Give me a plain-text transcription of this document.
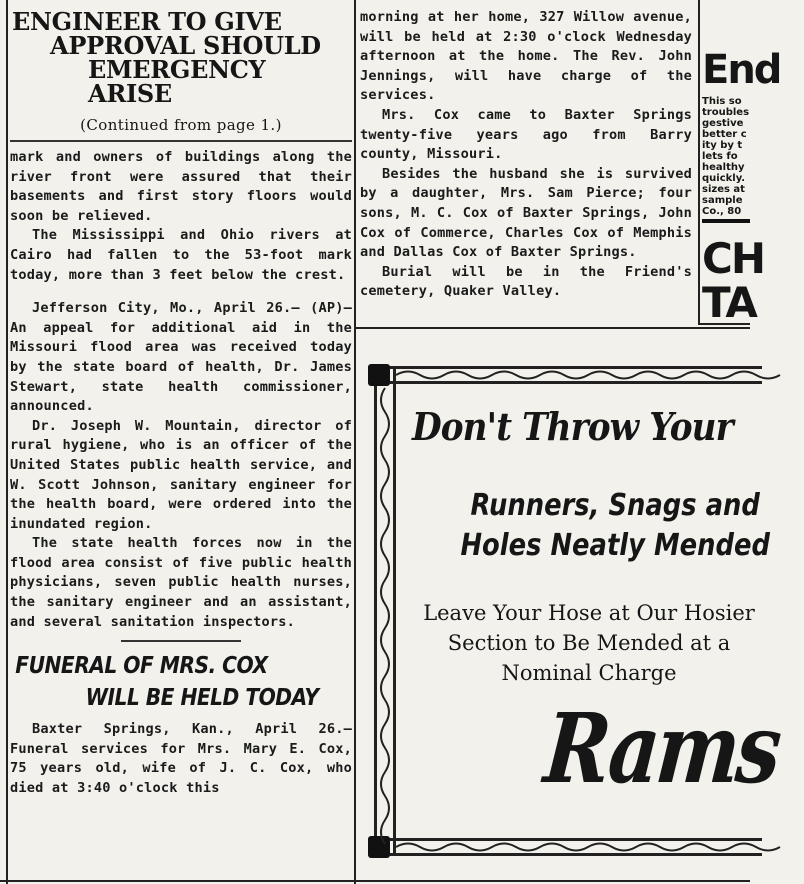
ENGINEER TO GIVE
APPROVAL SHOULD
EMERGENCY ARISE
(Continued from page 1.)

mark and owners of buildings along the river front were assured that their basements and first story floors would soon be relieved.

The Mississippi and Ohio rivers at Cairo had fallen to the 53-foot mark today, more than 3 feet below the crest.

Jefferson City, Mo., April 26.— (AP)—An appeal for additional aid in the Missouri flood area was received today by the state board of health, Dr. James Stewart, state health commissioner, announced.

Dr. Joseph W. Mountain, director of rural hygiene, who is an officer of the United States public health service, and W. Scott Johnson, sanitary engineer for the health board, were ordered into the inundated region.

The state health forces now in the flood area consist of five public health physicians, seven public health nurses, the sanitary engineer and an assistant, and several sanitation inspectors.

FUNERAL OF MRS. COX
WILL BE HELD TODAY

Baxter Springs, Kan., April 26.— Funeral services for Mrs. Mary E. Cox, 75 years old, wife of J. C. Cox, who died at 3:40 o'clock this

morning at her home, 327 Willow avenue, will be held at 2:30 o'clock Wednesday afternoon at the home. The Rev. John Jennings, will have charge of the services.

Mrs. Cox came to Baxter Springs twenty-five years ago from Barry county, Missouri.

Besides the husband she is survived by a daughter, Mrs. Sam Pierce; four sons, M. C. Cox of Baxter Springs, John Cox of Commerce, Charles Cox of Memphis and Dallas Cox of Baxter Springs.

Burial will be in the Friend's cemetery, Quaker Valley.

End
This so
troubles
gestive
better c
ity by t
lets fo
healthy
quickly.
sizes at
sample
Co., 80
CH
TA
Don't Throw Your
Runners, Snags and
Holes Neatly Mended
Leave Your Hose at Our Hosier
Section to Be Mended at a
Nominal Charge
Rams
